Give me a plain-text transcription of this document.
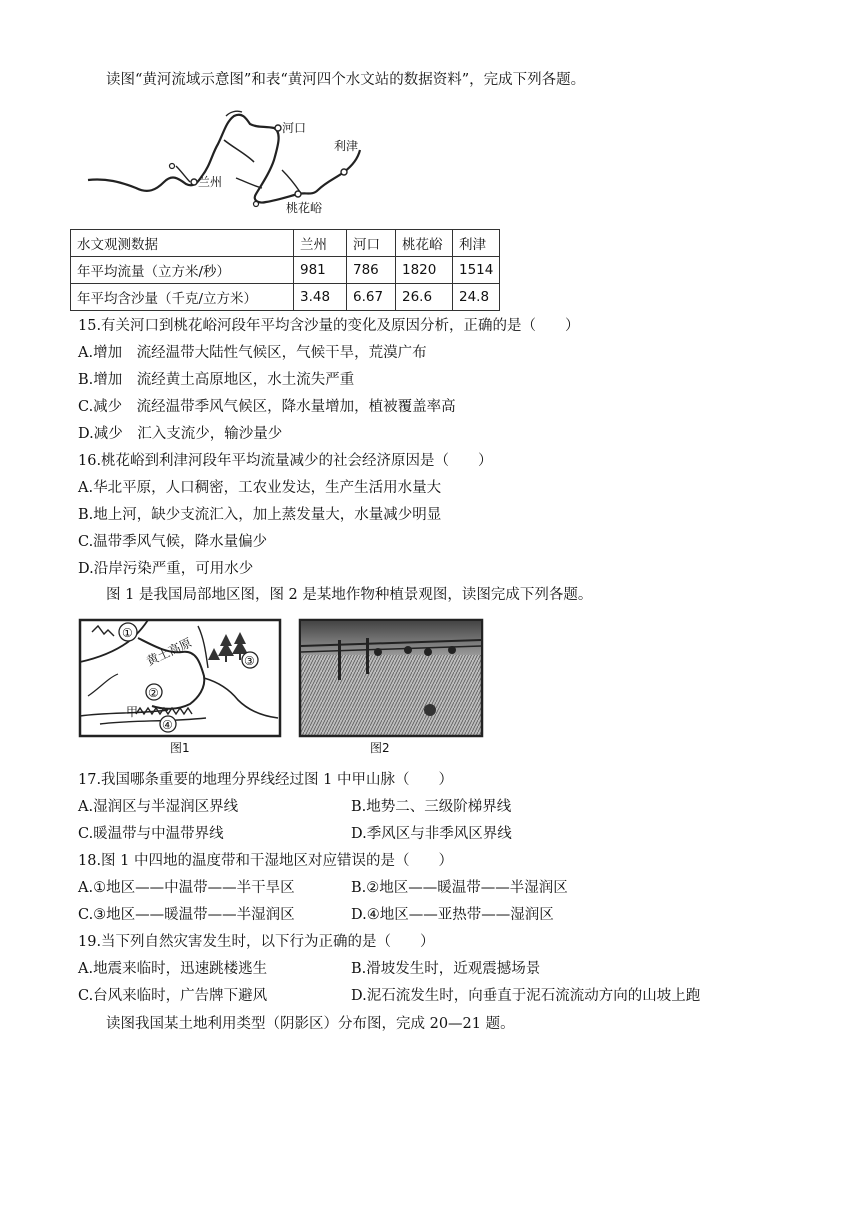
读图“黄河流域示意图”和表“黄河四个水文站的数据资料”，完成下列各题。
河口
利津
兰州
桃花峪
水文观测数据	兰州	河口	桃花峪	利津
年平均流量（立方米/秒）	981	786	1820	1514
年平均含沙量（千克/立方米）	3.48	6.67	26.6	24.8
15.有关河口到桃花峪河段年平均含沙量的变化及原因分析，正确的是（　　）
A.增加　流经温带大陆性气候区，气候干旱，荒漠广布
B.增加　流经黄土高原地区，水土流失严重
C.减少　流经温带季风气候区，降水量增加，植被覆盖率高
D.减少　汇入支流少，输沙量少
16.桃花峪到利津河段年平均流量减少的社会经济原因是（　　）
A.华北平原，人口稠密，工农业发达，生产生活用水量大
B.地上河，缺少支流汇入，加上蒸发量大，水量减少明显
C.温带季风气候，降水量偏少
D.沿岸污染严重，可用水少
图 1 是我国局部地区图，图 2 是某地作物种植景观图，读图完成下列各题。
①
②
③
④
黄土高原
甲
图1	图2
17.我国哪条重要的地理分界线经过图 1 中甲山脉（　　）
A.湿润区与半湿润区界线	B.地势二、三级阶梯界线
C.暖温带与中温带界线	D.季风区与非季风区界线
18.图 1 中四地的温度带和干湿地区对应错误的是（　　）
A.①地区——中温带——半干旱区	B.②地区——暖温带——半湿润区
C.③地区——暖温带——半湿润区	D.④地区——亚热带——湿润区
19.当下列自然灾害发生时，以下行为正确的是（　　）
A.地震来临时，迅速跳楼逃生	B.滑坡发生时，近观震撼场景
C.台风来临时，广告牌下避风	D.泥石流发生时，向垂直于泥石流流动方向的山坡上跑
读图我国某土地利用类型（阴影区）分布图，完成 20—21 题。
